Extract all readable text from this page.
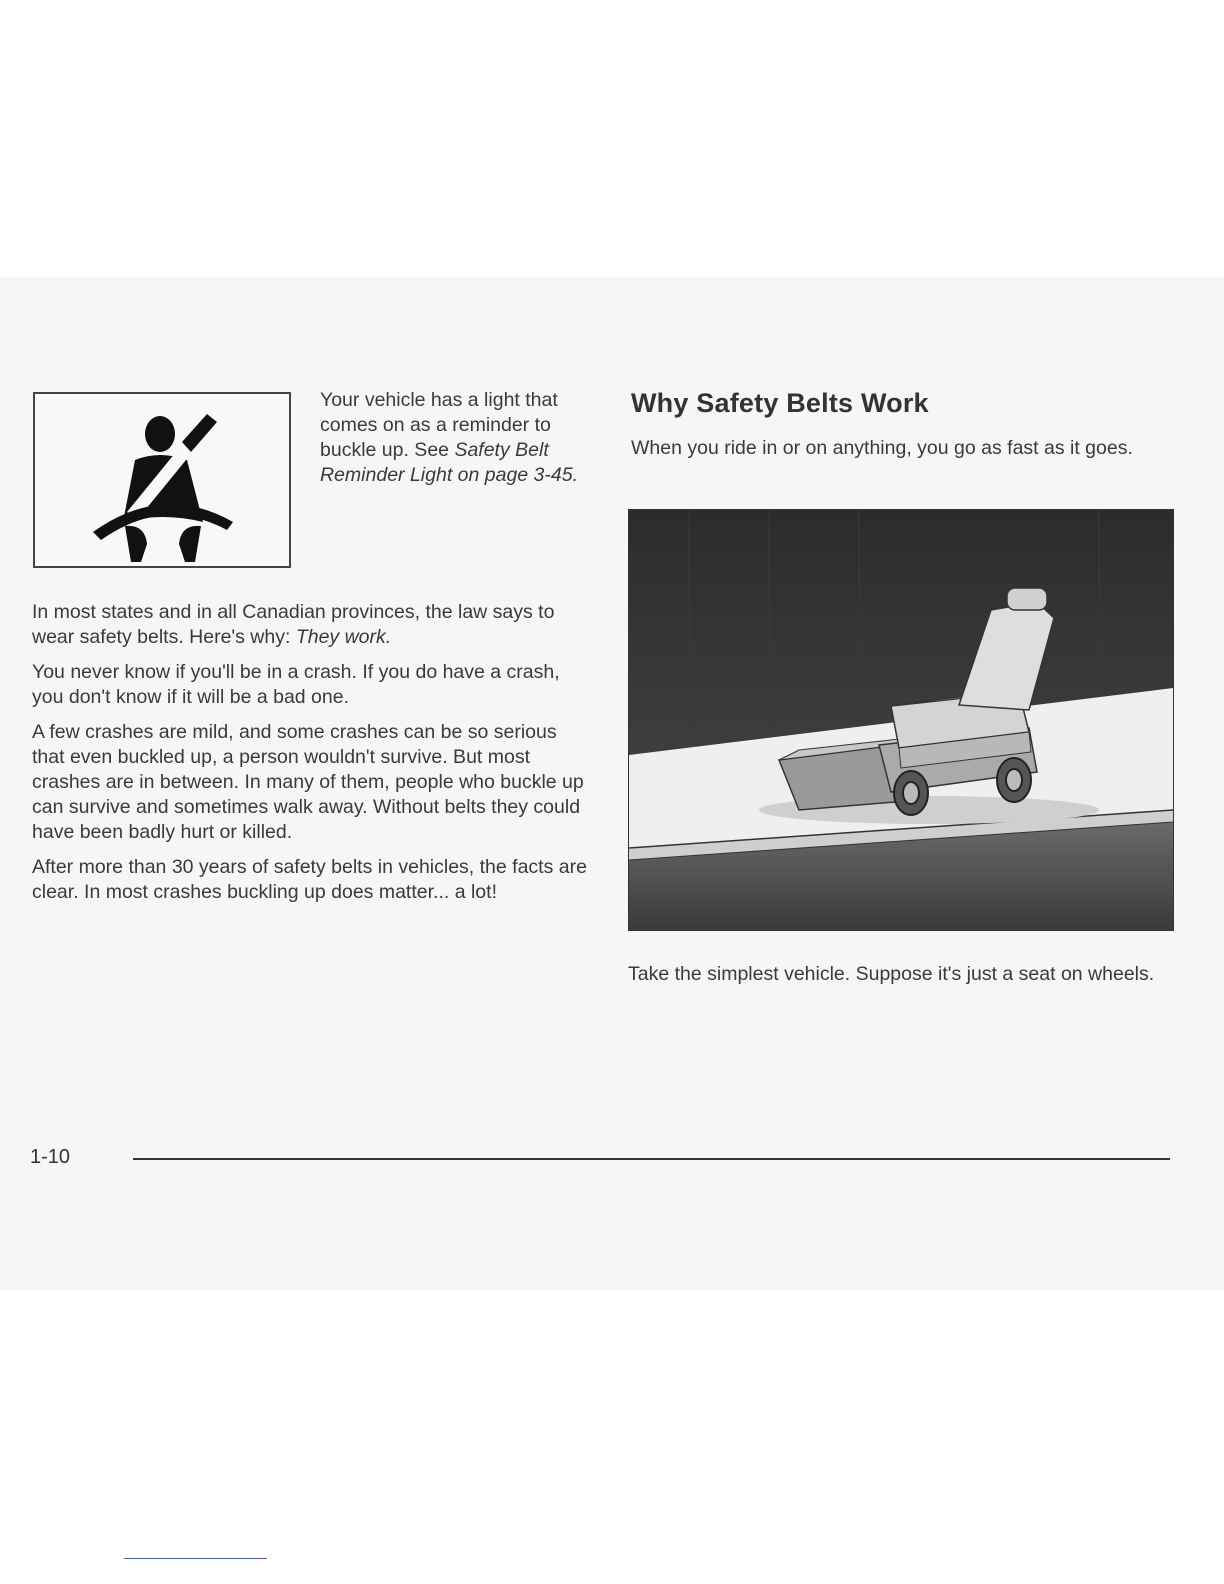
Your vehicle has a light that comes on as a reminder to buckle up. See Safety Belt Reminder Light on page 3-45.

In most states and in all Canadian provinces, the law says to wear safety belts. Here's why: They work.

You never know if you'll be in a crash. If you do have a crash, you don't know if it will be a bad one.

A few crashes are mild, and some crashes can be so serious that even buckled up, a person wouldn't survive. But most crashes are in between. In many of them, people who buckle up can survive and sometimes walk away. Without belts they could have been badly hurt or killed.

After more than 30 years of safety belts in vehicles, the facts are clear. In most crashes buckling up does matter... a lot!

Why Safety Belts Work

When you ride in or on anything, you go as fast as it goes.

Take the simplest vehicle. Suppose it's just a seat on wheels.

1-10
